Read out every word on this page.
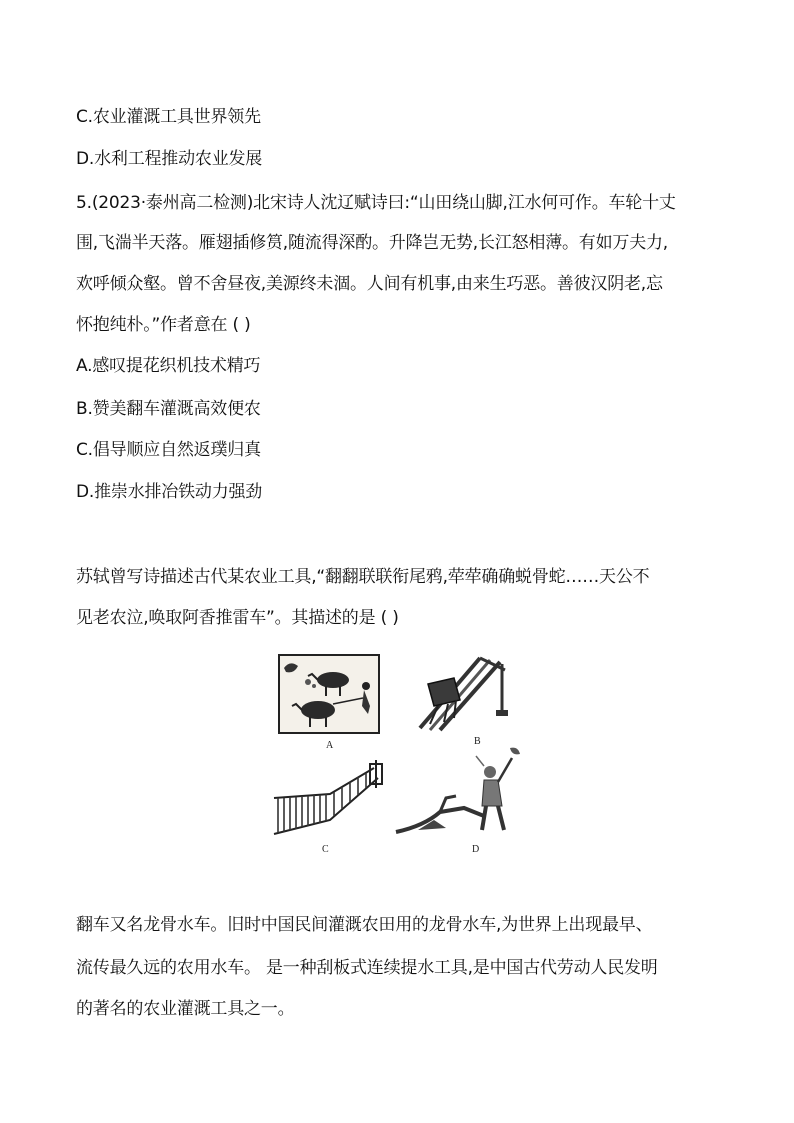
C.农业灌溉工具世界领先
D.水利工程推动农业发展
5.(2023·泰州高二检测)北宋诗人沈辽赋诗曰:“山田绕山脚,江水何可作。车轮十丈
围,飞湍半天落。雁翅插修筼,随流得深酌。升降岂无势,长江怒相薄。有如万夫力,
欢呼倾众壑。曾不舍昼夜,美源终未涸。人间有机事,由来生巧恶。善彼汉阴老,忘
怀抱纯朴。”作者意在 ( )
A.感叹提花织机技术精巧
B.赞美翻车灌溉高效便农
C.倡导顺应自然返璞归真
D.推崇水排冶铁动力强劲
苏轼曾写诗描述古代某农业工具,“翻翻联联衔尾鸦,荦荦确确蜕骨蛇……天公不
见老农泣,唤取阿香推雷车”。其描述的是 ( )
A	B
C	D
翻车又名龙骨水车。旧时中国民间灌溉农田用的龙骨水车,为世界上出现最早、
流传最久远的农用水车。 是一种刮板式连续提水工具,是中国古代劳动人民发明
的著名的农业灌溉工具之一。
